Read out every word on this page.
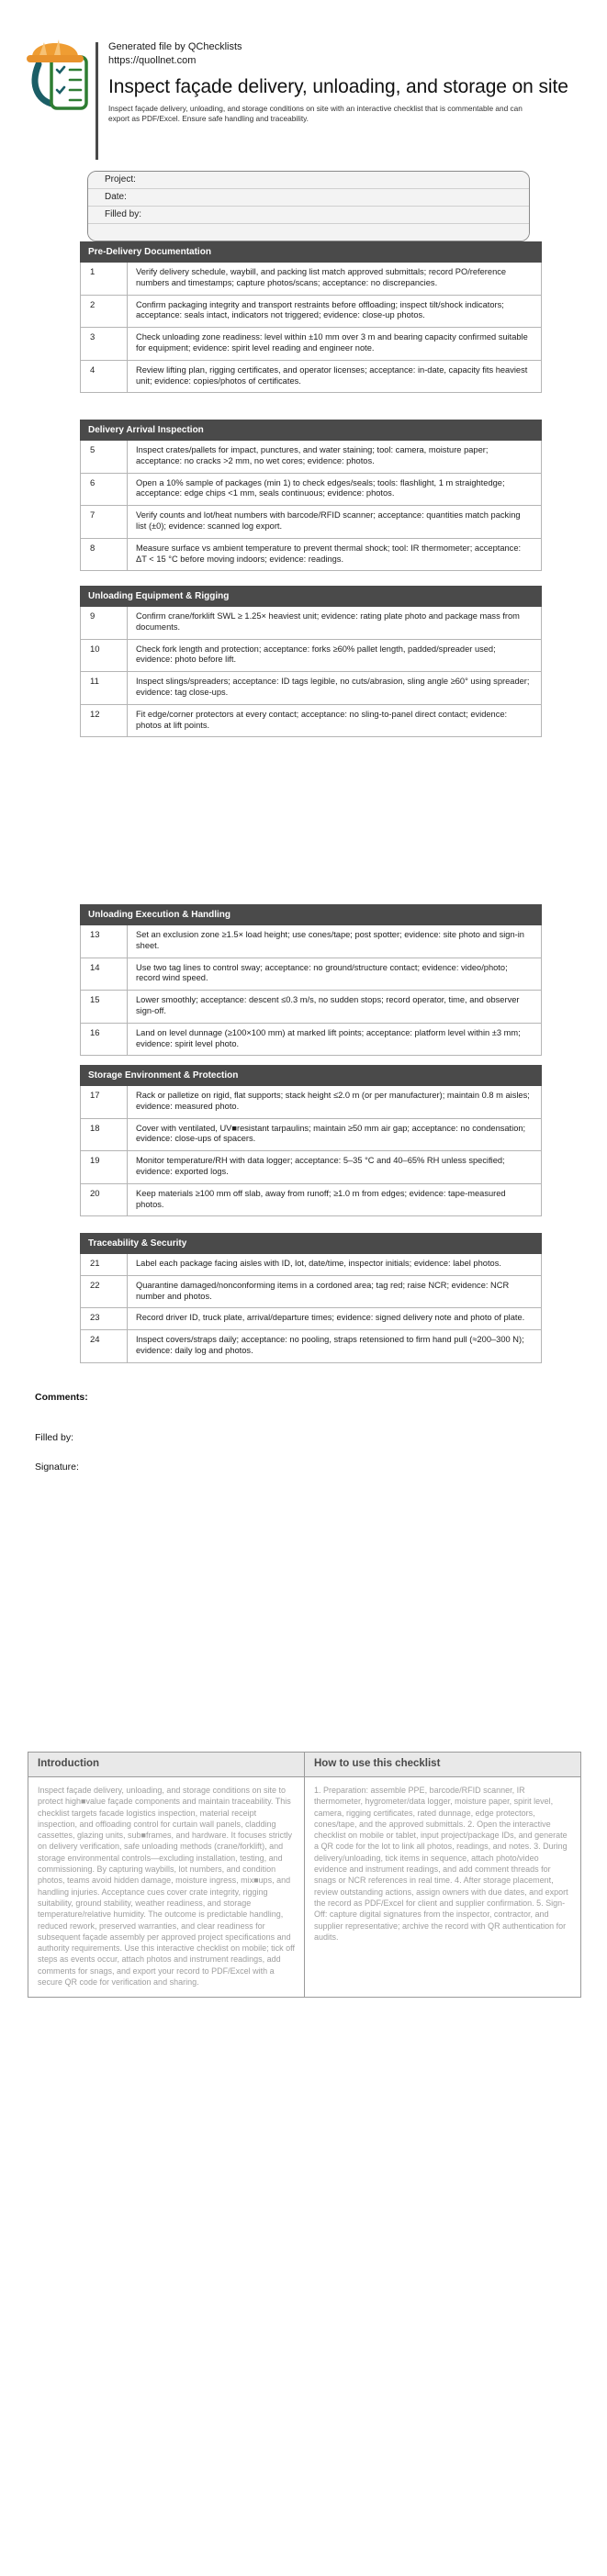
Generated file by QChecklists
https://quollnet.com
Inspect façade delivery, unloading, and storage on site
Inspect façade delivery, unloading, and storage conditions on site with an interactive checklist that is commentable and can export as PDF/Excel. Ensure safe handling and traceability.
Project:
Date:
Filled by:
Pre-Delivery Documentation	
1	Verify delivery schedule, waybill, and packing list match approved submittals; record PO/reference numbers and timestamps; capture photos/scans; acceptance: no discrepancies.
2	Confirm packaging integrity and transport restraints before offloading; inspect tilt/shock indicators; acceptance: seals intact, indicators not triggered; evidence: close-up photos.
3	Check unloading zone readiness: level within ±10 mm over 3 m and bearing capacity confirmed suitable for equipment; evidence: spirit level reading and engineer note.
4	Review lifting plan, rigging certificates, and operator licenses; acceptance: in-date, capacity fits heaviest unit; evidence: copies/photos of certificates.
Delivery Arrival Inspection	
5	Inspect crates/pallets for impact, punctures, and water staining; tool: camera, moisture paper; acceptance: no cracks >2 mm, no wet cores; evidence: photos.
6	Open a 10% sample of packages (min 1) to check edges/seals; tools: flashlight, 1 m straightedge; acceptance: edge chips <1 mm, seals continuous; evidence: photos.
7	Verify counts and lot/heat numbers with barcode/RFID scanner; acceptance: quantities match packing list (±0); evidence: scanned log export.
8	Measure surface vs ambient temperature to prevent thermal shock; tool: IR thermometer; acceptance: ΔT < 15 °C before moving indoors; evidence: readings.
Unloading Equipment & Rigging	
9	Confirm crane/forklift SWL ≥ 1.25× heaviest unit; evidence: rating plate photo and package mass from documents.
10	Check fork length and protection; acceptance: forks ≥60% pallet length, padded/spreader used; evidence: photo before lift.
11	Inspect slings/spreaders; acceptance: ID tags legible, no cuts/abrasion, sling angle ≥60° using spreader; evidence: tag close-ups.
12	Fit edge/corner protectors at every contact; acceptance: no sling-to-panel direct contact; evidence: photos at lift points.
Unloading Execution & Handling	
13	Set an exclusion zone ≥1.5× load height; use cones/tape; post spotter; evidence: site photo and sign-in sheet.
14	Use two tag lines to control sway; acceptance: no ground/structure contact; evidence: video/photo; record wind speed.
15	Lower smoothly; acceptance: descent ≤0.3 m/s, no sudden stops; record operator, time, and observer sign-off.
16	Land on level dunnage (≥100×100 mm) at marked lift points; acceptance: platform level within ±3 mm; evidence: spirit level photo.
Storage Environment & Protection	
17	Rack or palletize on rigid, flat supports; stack height ≤2.0 m (or per manufacturer); maintain 0.8 m aisles; evidence: measured photo.
18	Cover with ventilated, UV■resistant tarpaulins; maintain ≥50 mm air gap; acceptance: no condensation; evidence: close-ups of spacers.
19	Monitor temperature/RH with data logger; acceptance: 5–35 °C and 40–65% RH unless specified; evidence: exported logs.
20	Keep materials ≥100 mm off slab, away from runoff; ≥1.0 m from edges; evidence: tape-measured photos.
Traceability & Security	
21	Label each package facing aisles with ID, lot, date/time, inspector initials; evidence: label photos.
22	Quarantine damaged/nonconforming items in a cordoned area; tag red; raise NCR; evidence: NCR number and photos.
23	Record driver ID, truck plate, arrival/departure times; evidence: signed delivery note and photo of plate.
24	Inspect covers/straps daily; acceptance: no pooling, straps retensioned to firm hand pull (≈200–300 N); evidence: daily log and photos.
Comments:
Filled by:
Signature:
Introduction	How to use this checklist
Inspect façade delivery, unloading, and storage conditions on site to protect high■value façade components and maintain traceability. This checklist targets facade logistics inspection, material receipt inspection, and offloading control for curtain wall panels, cladding cassettes, glazing units, sub■frames, and hardware. It focuses strictly on delivery verification, safe unloading methods (crane/forklift), and storage environmental controls—excluding installation, testing, and commissioning. By capturing waybills, lot numbers, and condition photos, teams avoid hidden damage, moisture ingress, mix■ups, and handling injuries. Acceptance cues cover crate integrity, rigging suitability, ground stability, weather readiness, and storage temperature/relative humidity. The outcome is predictable handling, reduced rework, preserved warranties, and clear readiness for subsequent façade assembly per approved project specifications and authority requirements. Use this interactive checklist on mobile; tick off steps as events occur, attach photos and instrument readings, add comments for snags, and export your record to PDF/Excel with a secure QR code for verification and sharing.
1. Preparation: assemble PPE, barcode/RFID scanner, IR thermometer, hygrometer/data logger, moisture paper, spirit level, camera, rigging certificates, rated dunnage, edge protectors, cones/tape, and the approved submittals. 2. Open the interactive checklist on mobile or tablet, input project/package IDs, and generate a QR code for the lot to link all photos, readings, and notes. 3. During delivery/unloading, tick items in sequence, attach photo/video evidence and instrument readings, and add comment threads for snags or NCR references in real time. 4. After storage placement, review outstanding actions, assign owners with due dates, and export the record as PDF/Excel for client and supplier confirmation. 5. Sign-Off: capture digital signatures from the inspector, contractor, and supplier representative; archive the record with QR authentication for audits.
